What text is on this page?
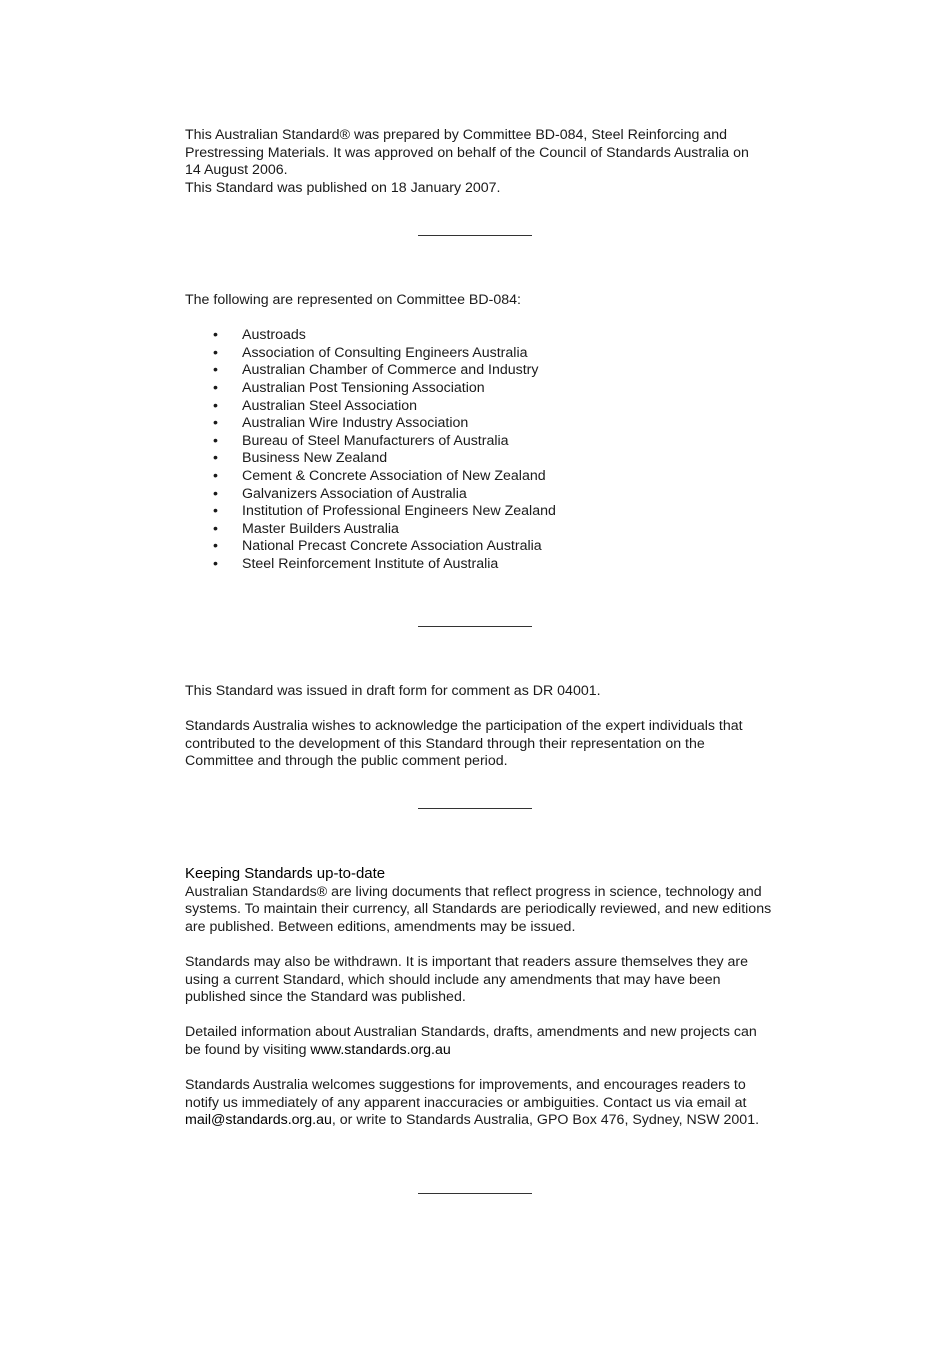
This Australian Standard® was prepared by Committee BD-084, Steel Reinforcing and

Prestressing Materials. It was approved on behalf of the Council of Standards Australia on

14 August 2006.

This Standard was published on 18 January 2007.

The following are represented on Committee BD-084:

• Austroads
• Association of Consulting Engineers Australia
• Australian Chamber of Commerce and Industry
• Australian Post Tensioning Association
• Australian Steel Association
• Australian Wire Industry Association
• Bureau of Steel Manufacturers of Australia
• Business New Zealand
• Cement & Concrete Association of New Zealand
• Galvanizers Association of Australia
• Institution of Professional Engineers New Zealand
• Master Builders Australia
• National Precast Concrete Association Australia
• Steel Reinforcement Institute of Australia

This Standard was issued in draft form for comment as DR 04001.

Standards Australia wishes to acknowledge the participation of the expert individuals that

contributed to the development of this Standard through their representation on the

Committee and through the public comment period.

Keeping Standards up-to-date

Australian Standards® are living documents that reflect progress in science, technology and

systems. To maintain their currency, all Standards are periodically reviewed, and new editions

are published. Between editions, amendments may be issued.

Standards may also be withdrawn. It is important that readers assure themselves they are

using a current Standard, which should include any amendments that may have been

published since the Standard was published.

Detailed information about Australian Standards, drafts, amendments and new projects can

be found by visiting www.standards.org.au

Standards Australia welcomes suggestions for improvements, and encourages readers to

notify us immediately of any apparent inaccuracies or ambiguities. Contact us via email at

mail@standards.org.au, or write to Standards Australia, GPO Box 476, Sydney, NSW 2001.
